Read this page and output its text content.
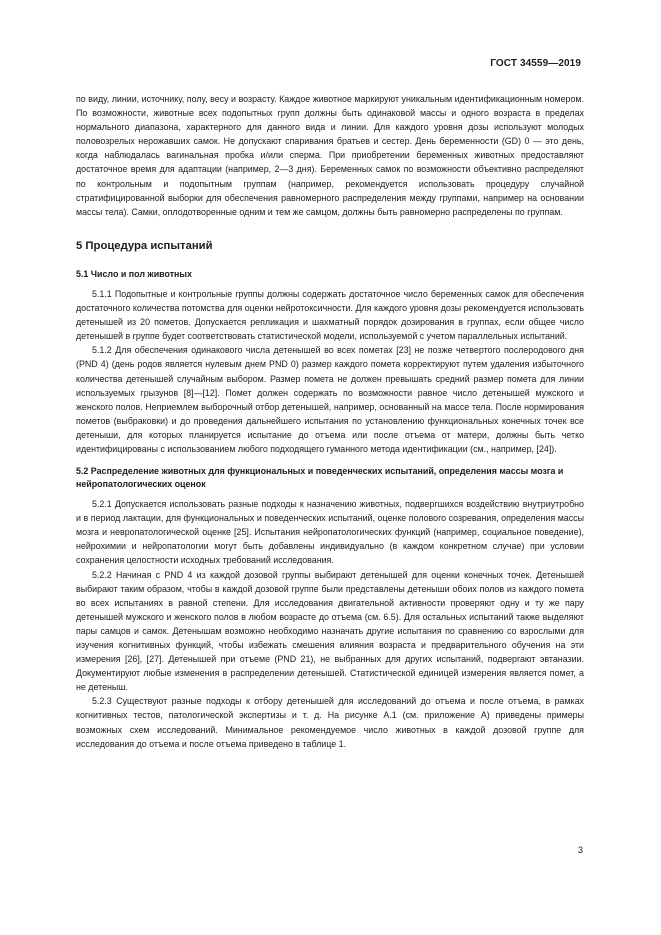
ГОСТ 34559—2019

по виду, линии, источнику, полу, весу и возрасту. Каждое животное маркируют уникальным идентификационным номером. По возможности, животные всех подопытных групп должны быть одинаковой массы и одного возраста в пределах нормального диапазона, характерного для данного вида и линии. Для каждого уровня дозы используют молодых половозрелых нерожавших самок. Не допускают спаривания братьев и сестер. День беременности (GD) 0 — это день, когда наблюдалась вагинальная пробка и/или сперма. При приобретении беременных животных предоставляют достаточное время для адаптации (например, 2—3 дня). Беременных самок по возможности объективно распределяют по контрольным и подопытным группам (например, рекомендуется использовать процедуру случайной стратифицированной выборки для обеспечения равномерного распределения между группами, например на основании массы тела). Самки, оплодотворенные одним и тем же самцом, должны быть равномерно распределены по группам.

5 Процедура испытаний
5.1 Число и пол животных

5.1.1 Подопытные и контрольные группы должны содержать достаточное число беременных самок для обеспечения достаточного количества потомства для оценки нейротоксичности. Для каждого уровня дозы рекомендуется использовать детенышей из 20 пометов. Допускается репликация и шахматный порядок дозирования в группах, если общее число детенышей в группе будет соответствовать статистической модели, используемой с учетом параллельных испытаний.

5.1.2 Для обеспечения одинакового числа детенышей во всех пометах [23] не позже четвертого послеродового дня (PND 4) (день родов является нулевым днем PND 0) размер каждого помета корректируют путем удаления избыточного количества детенышей случайным выбором. Размер помета не должен превышать средний размер помета для линии используемых грызунов [8]—[12]. Помет должен содержать по возможности равное число детенышей мужского и женского полов. Неприемлем выборочный отбор детенышей, например, основанный на массе тела. После нормирования пометов (выбраковки) и до проведения дальнейшего испытания по установлению функциональных конечных точек все детеныши, для которых планируется испытание до отъема или после отъема от матери, должны быть четко идентифицированы с использованием любого подходящего гуманного метода идентификации (см., например, [24]).

5.2 Распределение животных для функциональных и поведенческих испытаний, определения массы мозга и нейропатологических оценок

5.2.1 Допускается использовать разные подходы к назначению животных, подвергшихся воздействию внутриутробно и в период лактации, для функциональных и поведенческих испытаний, оценке полового созревания, определения массы мозга и невропатологической оценке [25]. Испытания нейропатологических функций (например, социальное поведение), нейрохимии и нейропатологии могут быть добавлены индивидуально (в каждом конкретном случае) при условии сохранения целостности исходных требований исследования.

5.2.2 Начиная с PND 4 из каждой дозовой группы выбирают детенышей для оценки конечных точек. Детенышей выбирают таким образом, чтобы в каждой дозовой группе были представлены детеныши обоих полов из каждого помета во всех испытаниях в равной степени. Для исследования двигательной активности проверяют одну и ту же пару детенышей мужского и женского полов в любом возрасте до отъема (см. 6.5). Для остальных испытаний также выделяют пары самцов и самок. Детенышам возможно необходимо назначать другие испытания по сравнению со взрослыми для изучения когнитивных функций, чтобы избежать смешения влияния возраста и предварительного обучения на эти измерения [26], [27]. Детенышей при отъеме (PND 21), не выбранных для других испытаний, подвергают эвтаназии. Документируют любые изменения в распределении детенышей. Статистической единицей измерения является помет, а не детеныш.

5.2.3 Существуют разные подходы к отбору детенышей для исследований до отъема и после отъема, в рамках когнитивных тестов, патологической экспертизы и т. д. На рисунке А.1 (см. приложение А) приведены примеры возможных схем исследований. Минимальное рекомендуемое число животных в каждой дозовой группе для исследования до отъема и после отъема приведено в таблице 1.

3
